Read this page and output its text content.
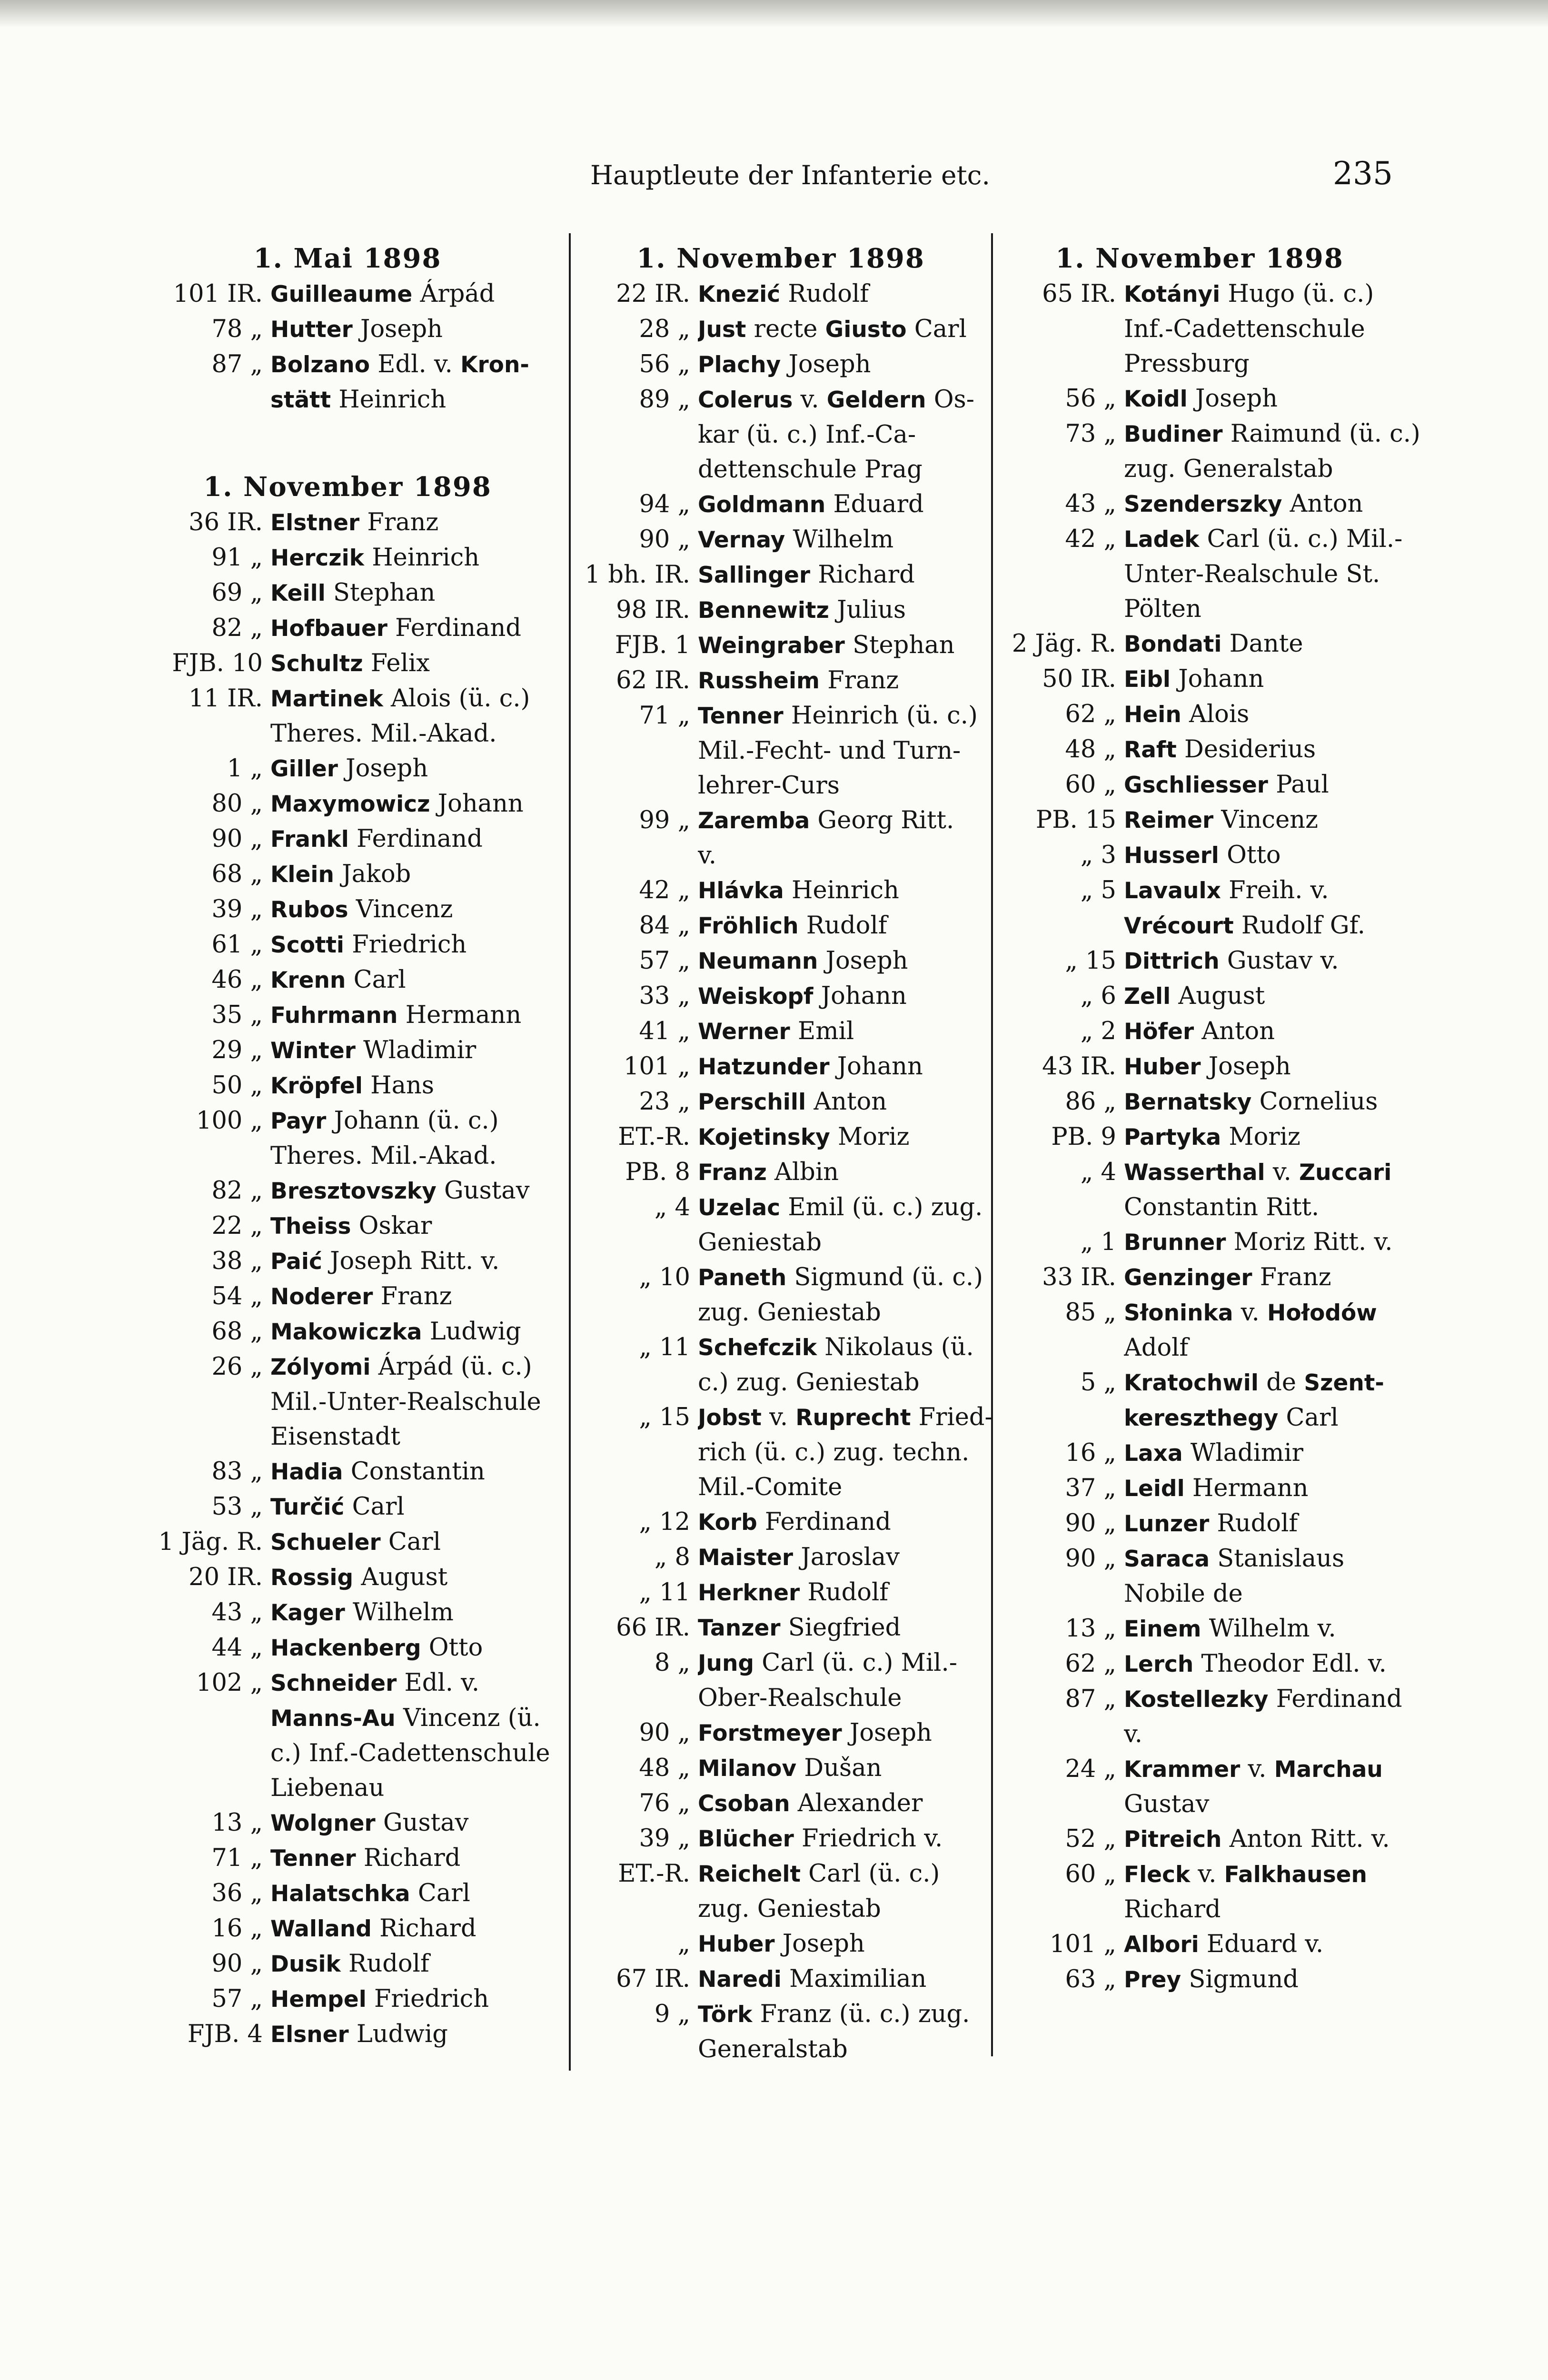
Hauptleute der Infanterie etc.	235
1. Mai 1898
101 IR. Guilleaume Árpád
78 „ Hutter Joseph
87 „ Bolzano Edl. v. Kron-
stätt Heinrich
1. November 1898
36 IR. Elstner Franz
91 „ Herczik Heinrich
69 „ Keill Stephan
82 „ Hofbauer Ferdinand
FJB. 10 Schultz Felix
11 IR. Martinek Alois (ü. c.)
Theres. Mil.-Akad.
1 „ Giller Joseph
80 „ Maxymowicz Johann
90 „ Frankl Ferdinand
68 „ Klein Jakob
39 „ Rubos Vincenz
61 „ Scotti Friedrich
46 „ Krenn Carl
35 „ Fuhrmann Hermann
29 „ Winter Wladimir
50 „ Kröpfel Hans
100 „ Payr Johann (ü. c.)
Theres. Mil.-Akad.
82 „ Bresztovszky Gustav
22 „ Theiss Oskar
38 „ Paić Joseph Ritt. v.
54 „ Noderer Franz
68 „ Makowiczka Ludwig
26 „ Zólyomi Árpád (ü. c.)
Mil.-Unter-Realschule
Eisenstadt
83 „ Hadia Constantin
53 „ Turčić Carl
1 Jäg. R. Schueler Carl
20 IR. Rossig August
43 „ Kager Wilhelm
44 „ Hackenberg Otto
102 „ Schneider Edl. v.
Manns-Au Vincenz (ü.
c.) Inf.-Cadettenschule
Liebenau
13 „ Wolgner Gustav
71 „ Tenner Richard
36 „ Halatschka Carl
16 „ Walland Richard
90 „ Dusik Rudolf
57 „ Hempel Friedrich
FJB. 4 Elsner Ludwig
1. November 1898
22 IR. Knezić Rudolf
28 „ Just recte Giusto Carl
56 „ Plachy Joseph
89 „ Colerus v. Geldern Os-
kar (ü. c.) Inf.-Ca-
dettenschule Prag
94 „ Goldmann Eduard
90 „ Vernay Wilhelm
1 bh. IR. Sallinger Richard
98 IR. Bennewitz Julius
FJB. 1 Weingraber Stephan
62 IR. Russheim Franz
71 „ Tenner Heinrich (ü. c.)
Mil.-Fecht- und Turn-
lehrer-Curs
99 „ Zaremba Georg Ritt.
v.
42 „ Hlávka Heinrich
84 „ Fröhlich Rudolf
57 „ Neumann Joseph
33 „ Weiskopf Johann
41 „ Werner Emil
101 „ Hatzunder Johann
23 „ Perschill Anton
ET.-R. Kojetinsky Moriz
PB. 8 Franz Albin
„ 4 Uzelac Emil (ü. c.) zug.
Geniestab
„ 10 Paneth Sigmund (ü. c.)
zug. Geniestab
„ 11 Schefczik Nikolaus (ü.
c.) zug. Geniestab
„ 15 Jobst v. Ruprecht Fried-
rich (ü. c.) zug. techn.
Mil.-Comite
„ 12 Korb Ferdinand
„ 8 Maister Jaroslav
„ 11 Herkner Rudolf
66 IR. Tanzer Siegfried
8 „ Jung Carl (ü. c.) Mil.-
Ober-Realschule
90 „ Forstmeyer Joseph
48 „ Milanov Dušan
76 „ Csoban Alexander
39 „ Blücher Friedrich v.
ET.-R. Reichelt Carl (ü. c.)
zug. Geniestab
„ Huber Joseph
67 IR. Naredi Maximilian
9 „ Törk Franz (ü. c.) zug.
Generalstab
1. November 1898
65 IR. Kotányi Hugo (ü. c.)
Inf.-Cadettenschule
Pressburg
56 „ Koidl Joseph
73 „ Budiner Raimund (ü. c.)
zug. Generalstab
43 „ Szenderszky Anton
42 „ Ladek Carl (ü. c.) Mil.-
Unter-Realschule St.
Pölten
2 Jäg. R. Bondati Dante
50 IR. Eibl Johann
62 „ Hein Alois
48 „ Raft Desiderius
60 „ Gschliesser Paul
PB. 15 Reimer Vincenz
„ 3 Husserl Otto
„ 5 Lavaulx Freih. v.
Vrécourt Rudolf Gf.
„ 15 Dittrich Gustav v.
„ 6 Zell August
„ 2 Höfer Anton
43 IR. Huber Joseph
86 „ Bernatsky Cornelius
PB. 9 Partyka Moriz
„ 4 Wasserthal v. Zuccari
Constantin Ritt.
„ 1 Brunner Moriz Ritt. v.
33 IR. Genzinger Franz
85 „ Słoninka v. Hołodów
Adolf
5 „ Kratochwil de Szent-
kereszthegy Carl
16 „ Laxa Wladimir
37 „ Leidl Hermann
90 „ Lunzer Rudolf
90 „ Saraca Stanislaus
Nobile de
13 „ Einem Wilhelm v.
62 „ Lerch Theodor Edl. v.
87 „ Kostellezky Ferdinand
v.
24 „ Krammer v. Marchau
Gustav
52 „ Pitreich Anton Ritt. v.
60 „ Fleck v. Falkhausen
Richard
101 „ Albori Eduard v.
63 „ Prey Sigmund
